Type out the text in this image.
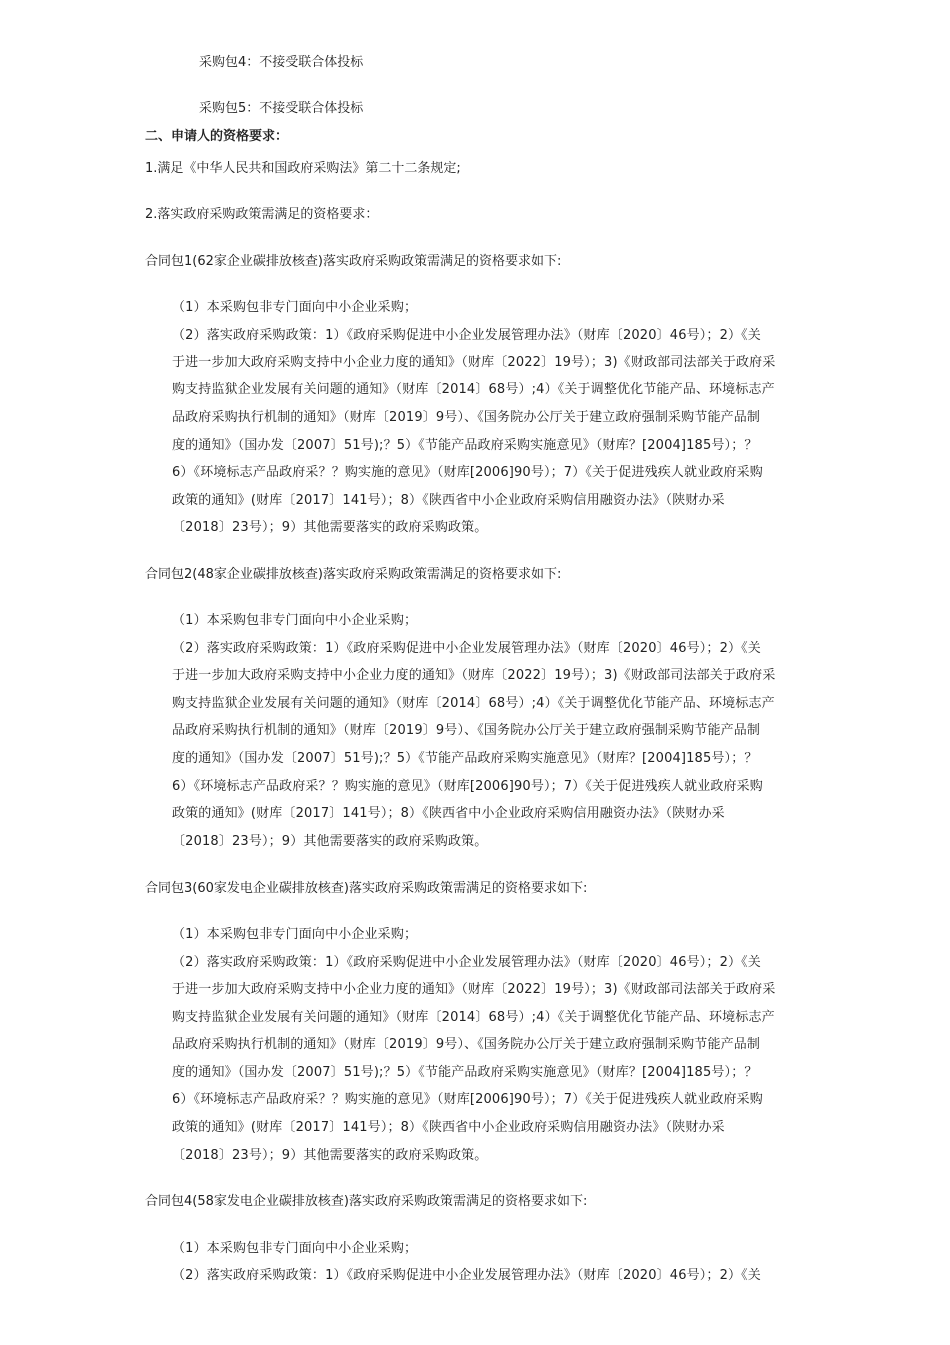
采购包4：不接受联合体投标
采购包5：不接受联合体投标
二、申请人的资格要求：
1.满足《中华人民共和国政府采购法》第二十二条规定;
2.落实政府采购政策需满足的资格要求：
合同包1(62家企业碳排放核查)落实政府采购政策需满足的资格要求如下:
（1）本采购包非专门面向中小企业采购；
（2）落实政府采购政策：1）《政府采购促进中小企业发展管理办法》（财库〔2020〕46号）；2）《关
于进一步加大政府采购支持中小企业力度的通知》（财库〔2022〕19号）；3)《财政部司法部关于政府采
购支持监狱企业发展有关问题的通知》（财库〔2014〕68号）;4）《关于调整优化节能产品、环境标志产
品政府采购执行机制的通知》（财库〔2019〕9号）、《国务院办公厅关于建立政府强制采购节能产品制
度的通知》（国办发〔2007〕51号);？5）《节能产品政府采购实施意见》（财库？[2004]185号）；？
6）《环境标志产品政府采？？购实施的意见》（财库[2006]90号）；7）《关于促进残疾人就业政府采购
政策的通知》(财库〔2017〕141号）；8）《陕西省中小企业政府采购信用融资办法》（陕财办采
〔2018〕23号）；9）其他需要落实的政府采购政策。
合同包2(48家企业碳排放核查)落实政府采购政策需满足的资格要求如下:
（1）本采购包非专门面向中小企业采购；
（2）落实政府采购政策：1）《政府采购促进中小企业发展管理办法》（财库〔2020〕46号）；2）《关
于进一步加大政府采购支持中小企业力度的通知》（财库〔2022〕19号）；3)《财政部司法部关于政府采
购支持监狱企业发展有关问题的通知》（财库〔2014〕68号）;4）《关于调整优化节能产品、环境标志产
品政府采购执行机制的通知》（财库〔2019〕9号）、《国务院办公厅关于建立政府强制采购节能产品制
度的通知》（国办发〔2007〕51号);？5）《节能产品政府采购实施意见》（财库？[2004]185号）；？
6）《环境标志产品政府采？？购实施的意见》（财库[2006]90号）；7）《关于促进残疾人就业政府采购
政策的通知》(财库〔2017〕141号）；8）《陕西省中小企业政府采购信用融资办法》（陕财办采
〔2018〕23号）；9）其他需要落实的政府采购政策。
合同包3(60家发电企业碳排放核查)落实政府采购政策需满足的资格要求如下:
（1）本采购包非专门面向中小企业采购；
（2）落实政府采购政策：1）《政府采购促进中小企业发展管理办法》（财库〔2020〕46号）；2）《关
于进一步加大政府采购支持中小企业力度的通知》（财库〔2022〕19号）；3)《财政部司法部关于政府采
购支持监狱企业发展有关问题的通知》（财库〔2014〕68号）;4）《关于调整优化节能产品、环境标志产
品政府采购执行机制的通知》（财库〔2019〕9号）、《国务院办公厅关于建立政府强制采购节能产品制
度的通知》（国办发〔2007〕51号);？5）《节能产品政府采购实施意见》（财库？[2004]185号）；？
6）《环境标志产品政府采？？购实施的意见》（财库[2006]90号）；7）《关于促进残疾人就业政府采购
政策的通知》(财库〔2017〕141号）；8）《陕西省中小企业政府采购信用融资办法》（陕财办采
〔2018〕23号）；9）其他需要落实的政府采购政策。
合同包4(58家发电企业碳排放核查)落实政府采购政策需满足的资格要求如下:
（1）本采购包非专门面向中小企业采购；
（2）落实政府采购政策：1）《政府采购促进中小企业发展管理办法》（财库〔2020〕46号）；2）《关
